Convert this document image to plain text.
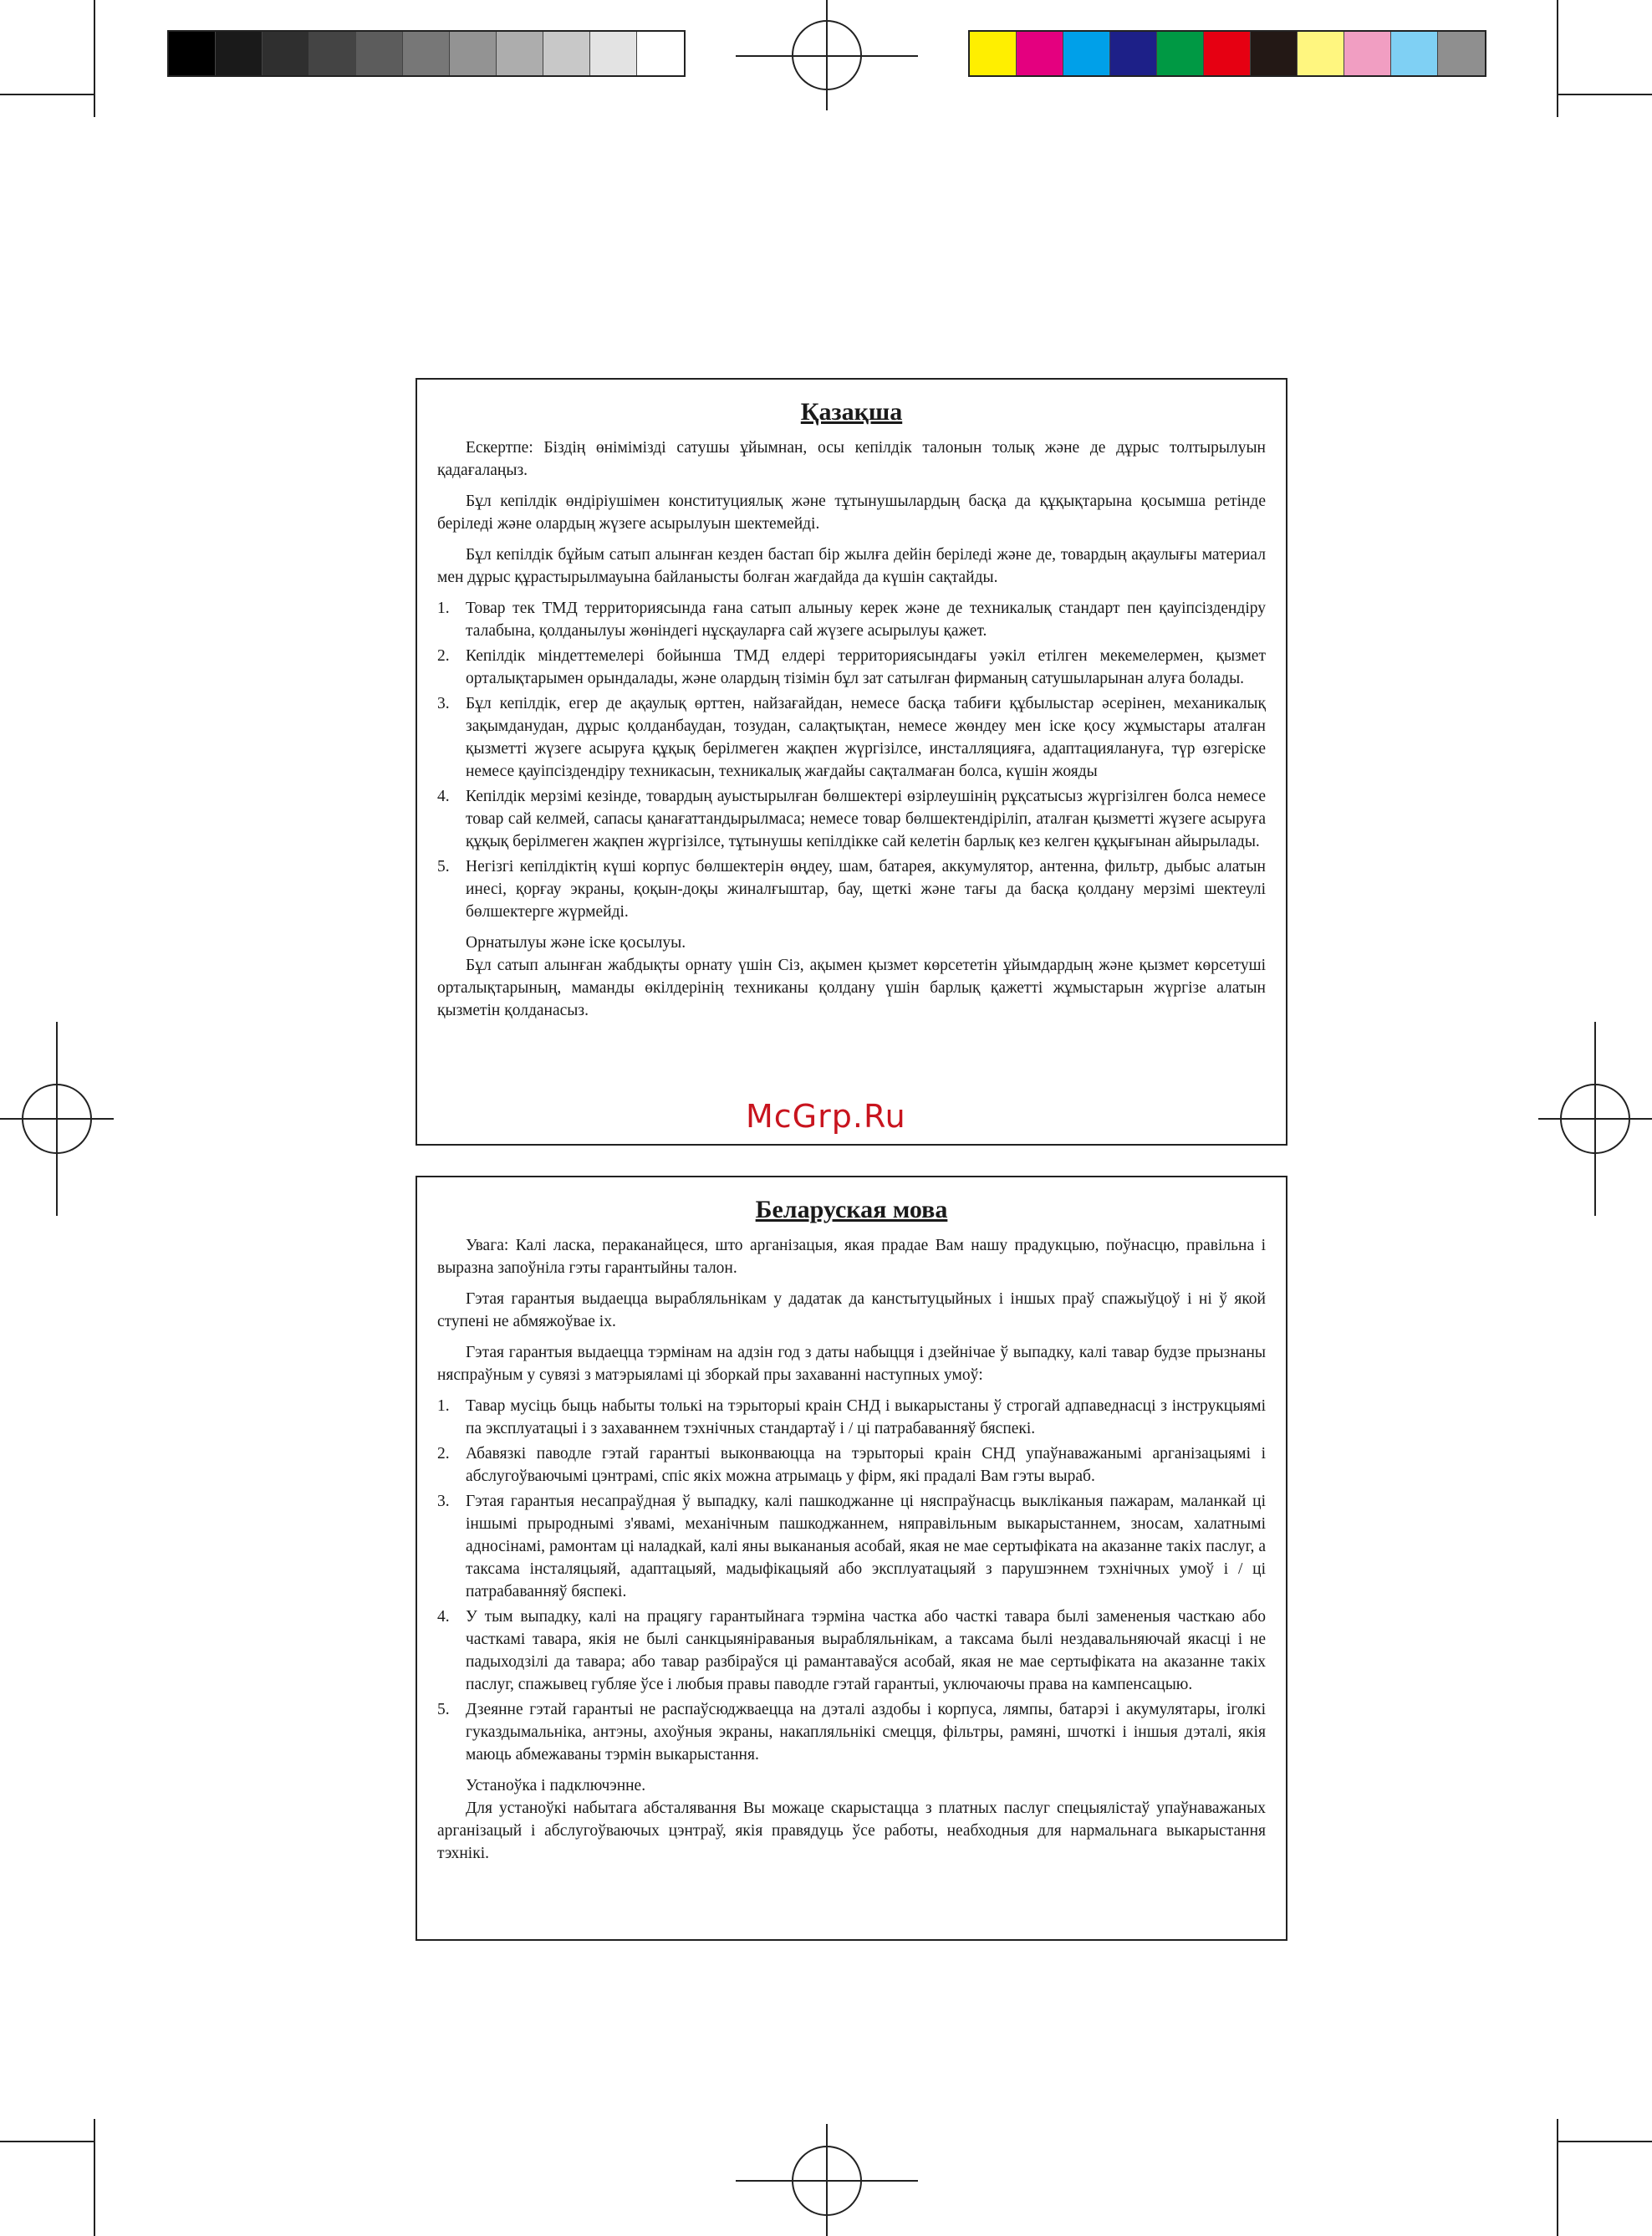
Қазақша

Ескертпе: Біздің өнімімізді сатушы ұйымнан, осы кепілдік талонын толық және де дұрыс толтырылуын қадағалаңыз.

Бұл кепілдік өндіріушімен конституциялық және тұтынушылардың басқа да құқықтарына қосымша ретінде беріледі және олардың жүзеге асырылуын шектемейді.

Бұл кепілдік бұйым сатып алынған кезден бастап бір жылға дейін беріледі және де, товардың ақаулығы материал мен дұрыс құрастырылмауына байланысты болған жағдайда да күшін сақтайды.

1. Товар тек ТМД территориясында ғана сатып алыныу керек және де техникалық стандарт пен қауіпсіздендіру талабына, қолданылуы жөніндегі нұсқауларға сай жүзеге асырылуы қажет.
2. Кепілдік міндеттемелері бойынша ТМД елдері территориясындағы уәкіл етілген мекемелермен, қызмет орталықтарымен орындалады, және олардың тізімін бұл зат сатылған фирманың сатушыларынан алуға болады.
3. Бұл кепілдік, егер де ақаулық өрттен, найзағайдан, немесе басқа табиғи құбылыстар әсерінен, механикалық зақымданудан, дұрыс қолданбаудан, тозудан, салақтықтан, немесе жөндеу мен іске қосу жұмыстары аталған қызметті жүзеге асыруға құқық берілмеген жақпен жүргізілсе, инсталляцияға, адаптациялануға, түр өзгеріске немесе қауіпсіздендіру техникасын, техникалық жағдайы сақталмаған болса, күшін жояды
4. Кепілдік мерзімі кезінде, товардың ауыстырылған бөлшектері өзірлеушінің рұқсатысыз жүргізілген болса немесе товар сай келмей, сапасы қанағаттандырылмаса; немесе товар бөлшектендіріліп, аталған қызметті жүзеге асыруға құқық берілмеген жақпен жүргізілсе, тұтынушы кепілдікке сай келетін барлық кез келген құқығынан айырылады.
5. Негізгі кепілдіктің күші корпус бөлшектерін өңдеу, шам, батарея, аккумулятор, антенна, фильтр, дыбыс алатын инесі, қорғау экраны, қоқын-доқы жиналғыштар, бау, щеткі және тағы да басқа қолдану мерзімі шектеулі бөлшектерге жүрмейді.

Орнатылуы және іске қосылуы.

Бұл сатып алынған жабдықты орнату үшін Сіз, ақымен қызмет көрсететін ұйымдардың және қызмет көрсетуші орталықтарының, маманды өкілдерінің техниканы қолдану үшін барлық қажетті жұмыстарын жүргізе алатын қызметін қолданасыз.

McGrp.Ru
Беларуская мова

Увага: Калі ласка, пераканайцеся, што арганізацыя, якая прадае Вам нашу прадукцыю, поўнасцю, правільна і выразна запоўніла гэты гарантыйны талон.

Гэтая гарантыя выдаецца вырабляльнікам у дадатак да канстытуцыйных і іншых праў спажыўцоў і ні ў якой ступені не абмяжоўвае іх.

Гэтая гарантыя выдаецца тэрмінам на адзін год з даты набыцця і дзейнічае ў выпадку, калі тавар будзе прызнаны няспраўным у сувязі з матэрыяламі ці зборкай пры захаванні наступных умоў:

1. Тавар мусіць быць набыты толькі на тэрыторыі краін СНД і выкарыстаны ў строгай адпаведнасці з інструкцыямі па эксплуатацыі і з захаваннем тэхнічных стандартаў і / ці патрабаванняў бяспекі.
2. Абавязкі паводле гэтай гарантыі выконваюцца на тэрыторыі краін СНД упаўнаважанымі арганізацыямі і абслугоўваючымі цэнтрамі, спіс якіх можна атрымаць у фірм, які прадалі Вам гэты выраб.
3. Гэтая гарантыя несапраўдная ў выпадку, калі пашкоджанне ці няспраўнасць выкліканыя пажарам, маланкай ці іншымі прыроднымі з'явамі, механічным пашкоджаннем, няправільным выкарыстаннем, зносам, халатнымі адносінамі, рамонтам ці наладкай, калі яны выкананыя асобай, якая не мае сертыфіката на аказанне такіх паслуг, а таксама інсталяцыяй, адаптацыяй, мадыфікацыяй або эксплуатацыяй з парушэннем тэхнічных умоў і / ці патрабаванняў бяспекі.
4. У тым выпадку, калі на працягу гарантыйнага тэрміна частка або часткі тавара былі замененыя часткаю або часткамі тавара, якія не былі санкцыяніраваныя вырабляльнікам, а таксама былі нездавальняючай якасці і не падыходзілі да тавара; або тавар разбіраўся ці рамантаваўся асобай, якая не мае сертыфіката на аказанне такіх паслуг, спажывец губляе ўсе і любыя правы паводле гэтай гарантыі, уключаючы права на кампенсацыю.
5. Дзеянне гэтай гарантыі не распаўсюджваецца на дэталі аздобы і корпуса, лямпы, батарэі і акумулятары, іголкі гуказдымальніка, антэны, ахоўныя экраны, накапляльнікі смецця, фільтры, рамяні, шчоткі і іншыя дэталі, якія маюць абмежаваны тэрмін выкарыстання.

Устаноўка і падключэнне.

Для устаноўкі набытага абсталявання Вы можаце скарыстацца з платных паслуг спецыялістаў упаўнаважаных арганізацый і абслугоўваючых цэнтраў, якія правядуць ўсе работы, неабходныя для нармальнага выкарыстання тэхнікі.
